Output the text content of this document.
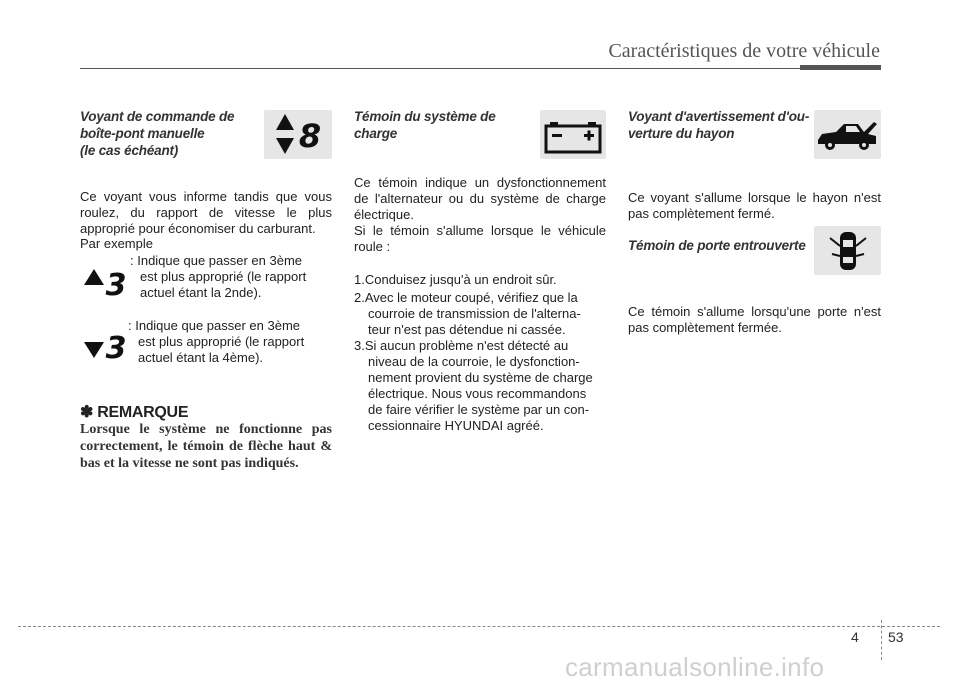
Caractéristiques de votre véhicule
Voyant de commande de
boîte-pont manuelle
(le cas échéant)	8
Ce voyant vous informe tandis que vous roulez, du rapport de vitesse le plus approprié pour économiser du carburant.
Par exemple
3
: Indique que passer en 3ème
est plus approprié (le rapport
actuel étant la 2nde).
3
: Indique que passer en 3ème
est plus approprié (le rapport
actuel étant la 4ème).
✽ REMARQUE
Lorsque le système ne fonctionne pas correctement, le témoin de flèche haut & bas et la vitesse ne sont pas indiqués.
Témoin du système de
charge
Ce témoin indique un dysfonctionnement de l'alternateur ou du système de charge électrique.
Si le témoin s'allume lorsque le véhicule roule :
1.Conduisez jusqu'à un endroit sûr.
2.Avec le moteur coupé, vérifiez que la
courroie de transmission de l'alterna-
teur n'est pas détendue ni cassée.
3.Si aucun problème n'est détecté au
niveau de la courroie, le dysfonction-
nement provient du système de charge
électrique. Nous vous recommandons
de faire vérifier le système par un con-
cessionnaire HYUNDAI agréé.
Voyant d'avertissement d'ou-
verture du hayon
Ce voyant s'allume lorsque le hayon n'est pas complètement fermé.
Témoin de porte entrouverte
Ce témoin s'allume lorsqu'une porte n'est pas complètement fermée.
4 53
carmanualsonline.info
